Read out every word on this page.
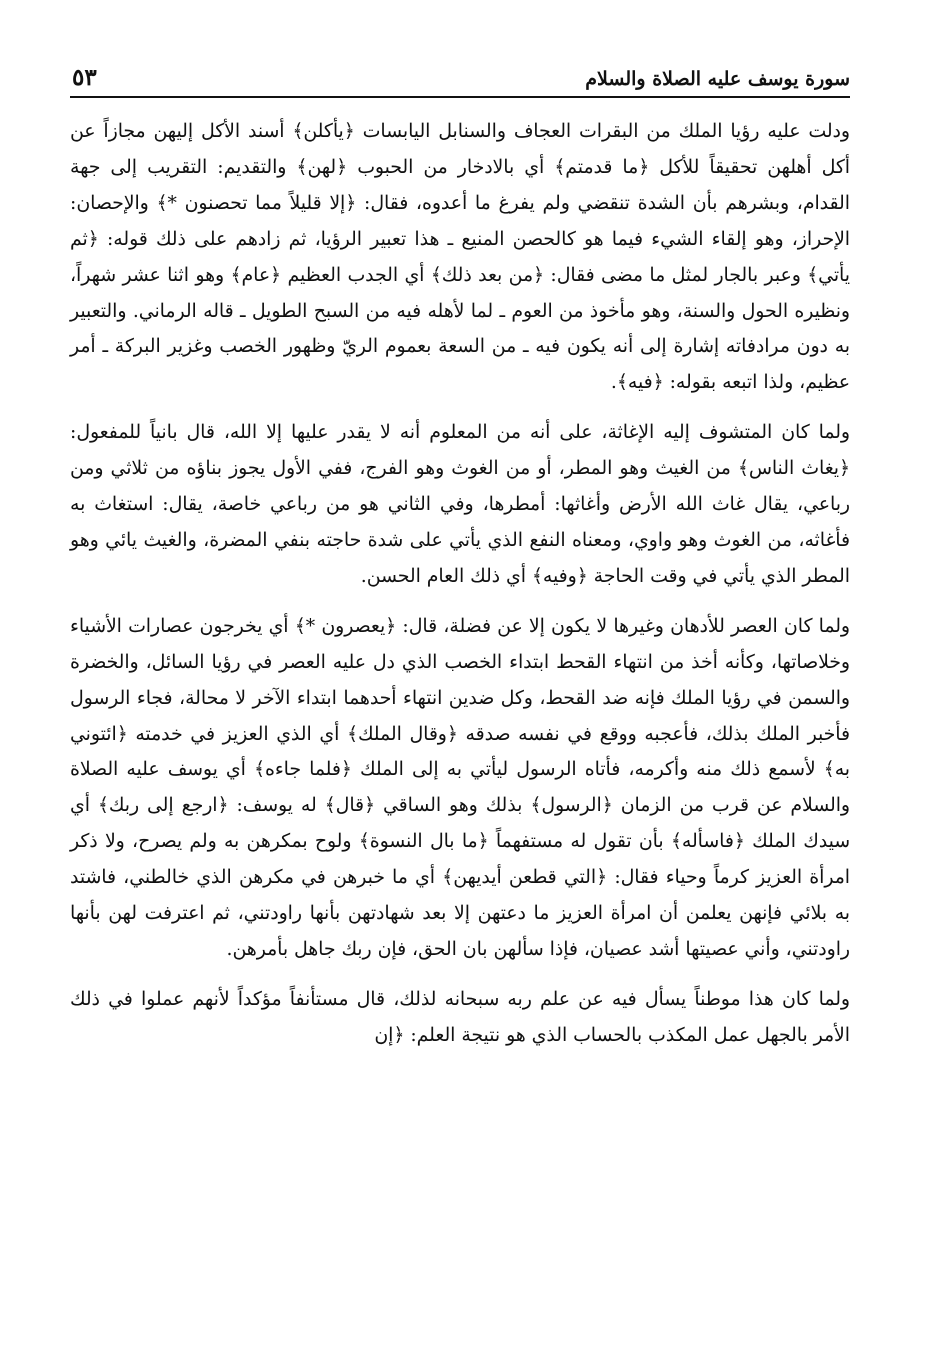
سورة يوسف عليه الصلاة والسلام
٥٣

ودلت عليه رؤيا الملك من البقرات العجاف والسنابل اليابسات ﴿يأكلن﴾ أسند الأكل إليهن مجازاً عن أكل أهلهن تحقيقاً للأكل ﴿ما قدمتم﴾ أي بالادخار من الحبوب ﴿لهن﴾ والتقديم: التقريب إلى جهة القدام، وبشرهم بأن الشدة تنقضي ولم يفرغ ما أعدوه، فقال: ﴿إلا قليلاً مما تحصنون *﴾ والإحصان: الإحراز، وهو إلقاء الشيء فيما هو كالحصن المنيع ـ هذا تعبير الرؤيا، ثم زادهم على ذلك قوله: ﴿ثم يأتي﴾ وعبر بالجار لمثل ما مضى فقال: ﴿من بعد ذلك﴾ أي الجدب العظيم ﴿عام﴾ وهو اثنا عشر شهراً، ونظيره الحول والسنة، وهو مأخوذ من العوم ـ لما لأهله فيه من السبح الطويل ـ قاله الرماني. والتعبير به دون مرادفاته إشارة إلى أنه يكون فيه ـ من السعة بعموم الريّ وظهور الخصب وغزير البركة ـ أمر عظيم، ولذا اتبعه بقوله: ﴿فيه﴾.

ولما كان المتشوف إليه الإغاثة، على أنه من المعلوم أنه لا يقدر عليها إلا الله، قال بانياً للمفعول: ﴿يغاث الناس﴾ من الغيث وهو المطر، أو من الغوث وهو الفرج، ففي الأول يجوز بناؤه من ثلاثي ومن رباعي، يقال غاث الله الأرض وأغاثها: أمطرها، وفي الثاني هو من رباعي خاصة، يقال: استغاث به فأغاثه، من الغوث وهو واوي، ومعناه النفع الذي يأتي على شدة حاجته بنفي المضرة، والغيث يائي وهو المطر الذي يأتي في وقت الحاجة ﴿وفيه﴾ أي ذلك العام الحسن.

ولما كان العصر للأدهان وغيرها لا يكون إلا عن فضلة، قال: ﴿يعصرون *﴾ أي يخرجون عصارات الأشياء وخلاصاتها، وكأنه أخذ من انتهاء القحط ابتداء الخصب الذي دل عليه العصر في رؤيا السائل، والخضرة والسمن في رؤيا الملك فإنه ضد القحط، وكل ضدين انتهاء أحدهما ابتداء الآخر لا محالة، فجاء الرسول فأخبر الملك بذلك، فأعجبه ووقع في نفسه صدقه ﴿وقال الملك﴾ أي الذي العزيز في خدمته ﴿ائتوني به﴾ لأسمع ذلك منه وأكرمه، فأتاه الرسول ليأتي به إلى الملك ﴿فلما جاءه﴾ أي يوسف عليه الصلاة والسلام عن قرب من الزمان ﴿الرسول﴾ بذلك وهو الساقي ﴿قال﴾ له يوسف: ﴿ارجع إلى ربك﴾ أي سيدك الملك ﴿فاسأله﴾ بأن تقول له مستفهماً ﴿ما بال النسوة﴾ ولوح بمكرهن به ولم يصرح، ولا ذكر امرأة العزيز كرماً وحياء فقال: ﴿التي قطعن أيديهن﴾ أي ما خبرهن في مكرهن الذي خالطني، فاشتد به بلائي فإنهن يعلمن أن امرأة العزيز ما دعتهن إلا بعد شهادتهن بأنها راودتني، ثم اعترفت لهن بأنها راودتني، وأني عصيتها أشد عصيان، فإذا سألهن بان الحق، فإن ربك جاهل بأمرهن.

ولما كان هذا موطناً يسأل فيه عن علم ربه سبحانه لذلك، قال مستأنفاً مؤكداً لأنهم عملوا في ذلك الأمر بالجهل عمل المكذب بالحساب الذي هو نتيجة العلم: ﴿إن
